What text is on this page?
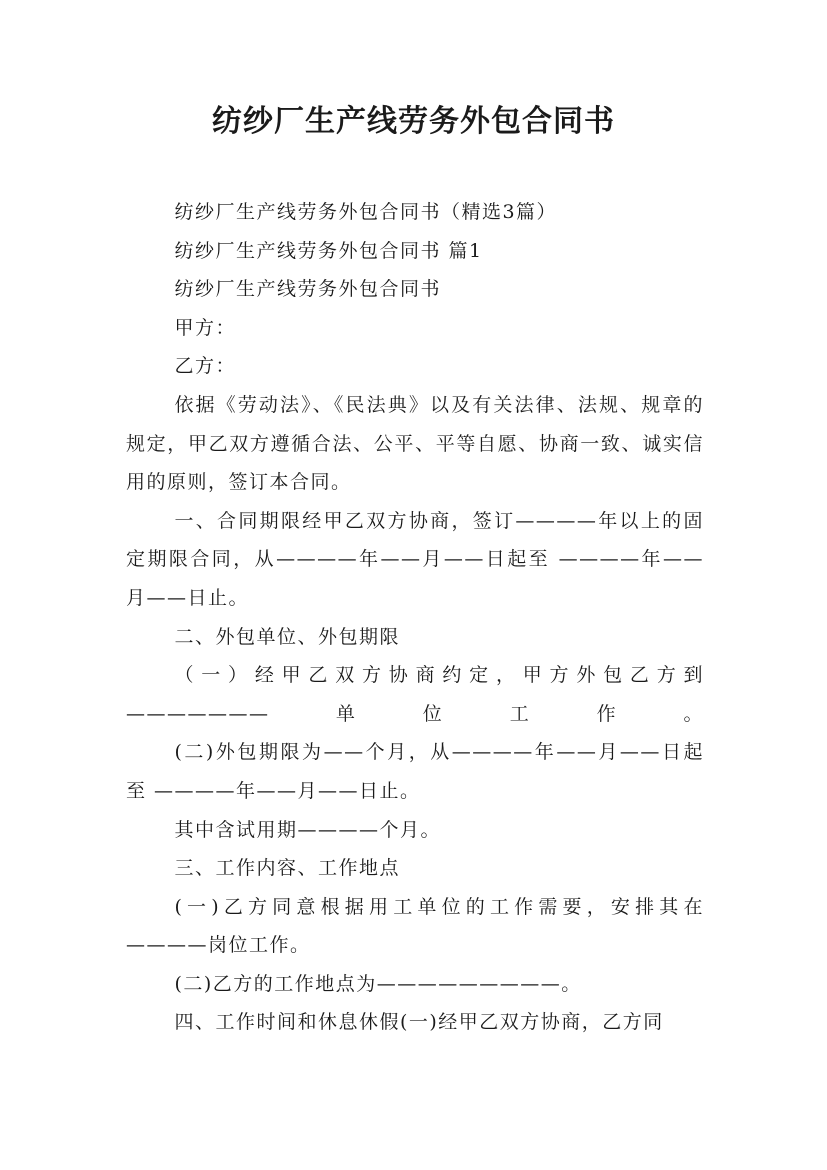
纺纱厂生产线劳务外包合同书

纺纱厂生产线劳务外包合同书（精选3篇）

纺纱厂生产线劳务外包合同书 篇1

纺纱厂生产线劳务外包合同书

甲方：

乙方：

依据《劳动法》、《民法典》以及有关法律、法规、规章的规定，甲乙双方遵循合法、公平、平等自愿、协商一致、诚实信用的原则，签订本合同。

一、合同期限经甲乙双方协商，签订————年以上的固定期限合同，从————年——月——日起至 ————年——月——日止。

二、外包单位、外包期限

（一）经甲乙双方协商约定，甲方外包乙方到———————单位工作。

(二)外包期限为——个月，从————年——月——日起至 ————年——月——日止。

其中含试用期————个月。

三、工作内容、工作地点

(一)乙方同意根据用工单位的工作需要，安排其在————岗位工作。

(二)乙方的工作地点为—————————。

四、工作时间和休息休假(一)经甲乙双方协商，乙方同
